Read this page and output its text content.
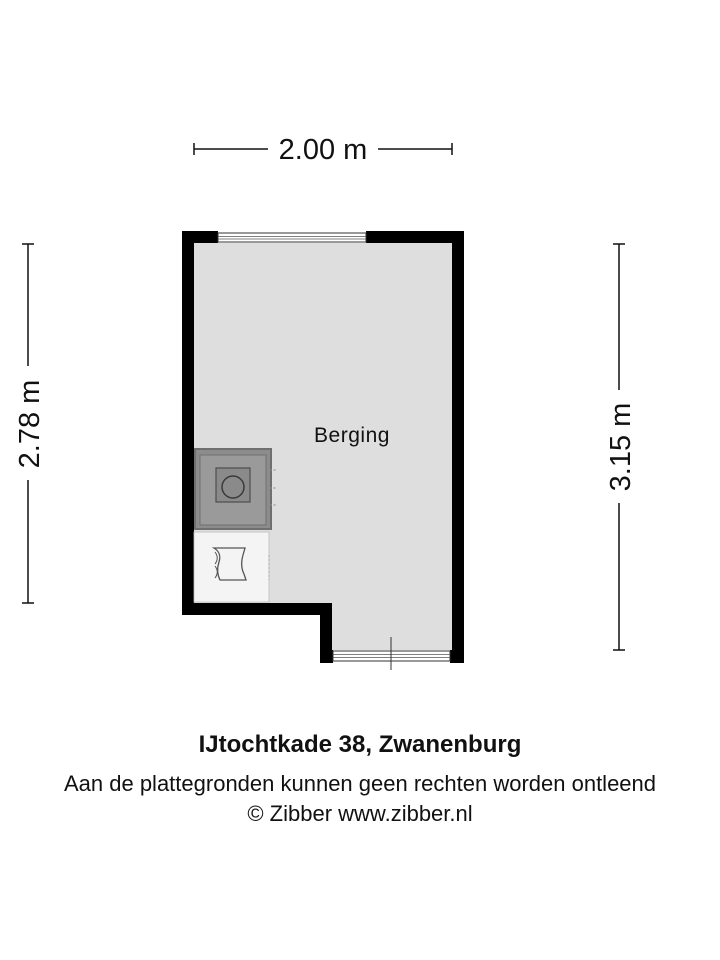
2.00 m
2.78 m	3.15 m
Berging
IJtochtkade 38, Zwanenburg
Aan de plattegronden kunnen geen rechten worden ontleend
© Zibber www.zibber.nl
